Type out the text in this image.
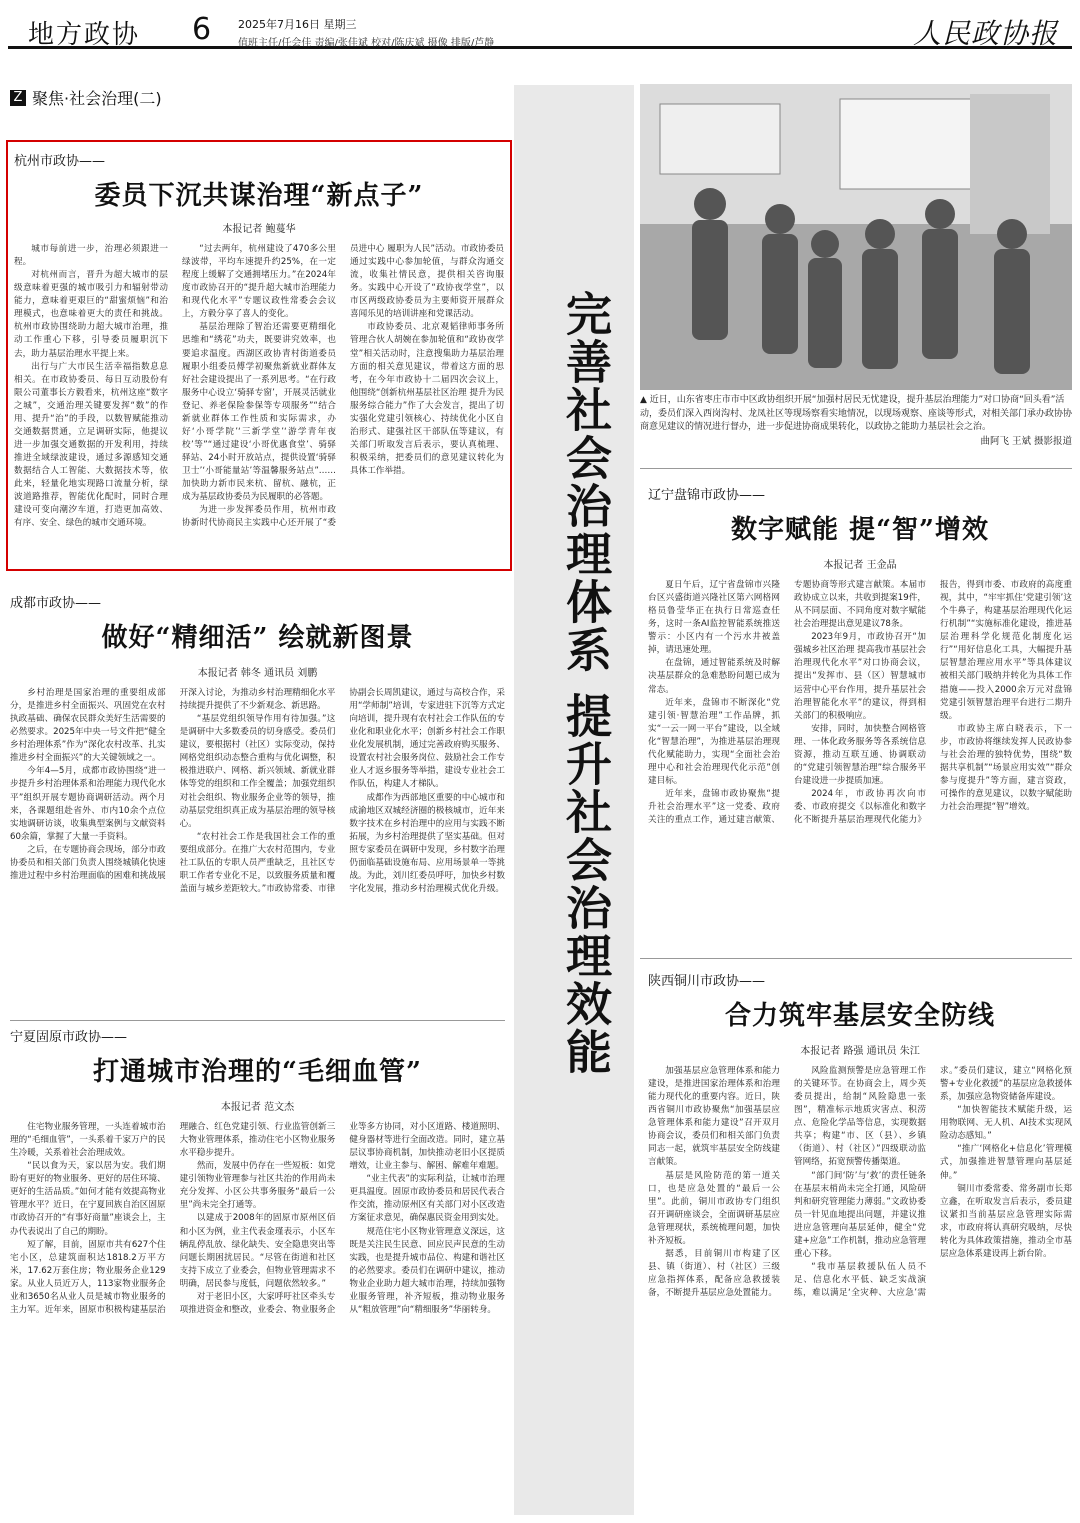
地方政协 6 2025年7月16日 星期三
值班主任/任会佳 责编/张佳斌 校对/陈庆斌 摄像 排版/芦静	人民政协报
Z 聚焦·社会治理(二)
杭州市政协 ——
委员下沉共谋治理“新点子”
本报记者 鲍蔓华

城市每前进一步，治理必须跟进一程。

对杭州而言，晋升为超大城市的层级意味着更强的城市吸引力和辐射带动能力，意味着更艰巨的“甜蜜烦恼”和治理模式，也意味着更大的责任和挑战。杭州市政协围绕助力超大城市治理，推动工作重心下移，引导委员履职沉下去，助力基层治理水平提上来。

出行与广大市民生活幸福指数息息相关。在市政协委员、每日互动股份有限公司董事长方毅看来，杭州这座“数字之城”，交通治理关键要发挥“数”的作用、提升“治”的手段，以数智赋能推动交通数据贯通，立足调研实际，他提议进一步加强交通数据的开发利用，持续推进全域绿波建设，通过多源感知交通数据结合人工智能、大数据技术等，依此来，轻量化地实现路口流量分析，绿波道路推荐，智能优化配时，同时合理建设可变向潮汐车道，打造更加高效、有序、安全、绿色的城市交通环境。

“过去两年，杭州建设了470多公里绿波带，平均车速提升约25%，在一定程度上缓解了交通拥堵压力。”在2024年度市政协召开的“提升超大城市治理能力和现代化水平”专题议政性常委会会议上，方毅分享了喜人的变化。

基层治理除了智治还需要更精细化思维和“绣花”功夫，既要讲究效率，也要追求温度。西湖区政协青村街道委员履职小组委员傅学初聚焦新就业群体友好社会建设提出了一系列思考。“在行政服务中心设立‘骑驿专窗’，开展灵活就业登记、养老保险参保等专项服务”“结合新就业群体工作性质和实际需求，办好‘小哥学院’‘三新学堂’‘游学青年夜校’等”“通过建设‘小哥优惠食堂’、骑驿驿站、24小时开放站点，提供设置‘骑驿卫士’‘小哥能量站’等温馨服务站点”……加快助力新市民来杭、留杭、融杭，正成为基层政协委员为民履职的必答题。

为进一步发挥委员作用，杭州市政协新时代协商民主实践中心还开展了“委员进中心 履职为人民”活动。市政协委员通过实践中心参加轮值，与群众沟通交流，收集社情民意，提供相关咨询服务。实践中心开设了“政协夜学堂”，以市区两级政协委员为主要师资开展群众喜闻乐见的培训讲座和党课活动。

市政协委员、北京观韬律师事务所管理合伙人胡婉在参加轮值和“政协夜学堂”相关活动时，注意搜集助力基层治理方面的相关意见建议，带着这方面的思考，在今年市政协十二届四次会议上，他围绕“创新杭州基层社区治理 提升为民服务综合能力”作了大会发言，提出了切实强化党建引领核心、持续优化小区自治形式、建强社区干部队伍等建议，有关部门听取发言后表示，要认真梳理、积极采纳，把委员们的意见建议转化为具体工作举措。

成都市政协 ——
做好“精细活” 绘就新图景
本报记者 韩冬 通讯员 刘鹏

乡村治理是国家治理的重要组成部分，是推进乡村全面振兴、巩固党在农村执政基础、确保农民群众美好生活需要的必然要求。2025年中央一号文件把“健全乡村治理体系”作为“深化农村改革、扎实推进乡村全面振兴”的大关键领域之一。

今年4—5月，成都市政协围绕“进一步提升乡村治理体系和治理能力现代化水平”组织开展专题协商调研活动。两个月来，各课题组赴省外、市内10余个点位实地调研访谈，收集典型案例与文献资料60余篇，掌握了大量一手资料。

之后，在专题协商会现场，部分市政协委员和相关部门负责人围绕城镇化快速推进过程中乡村治理面临的困难和挑战展开深入讨论，为推动乡村治理精细化水平持续提升提供了不少新观念、新思路。

“基层党组织领导作用有待加强。”这是调研中大多数委员的切身感受。委员们建议，要根据村（社区）实际变动，保持网格党组织动态整合重构与优化调整，积极推进联户、网格、新兴领域、新就业群体等党的组织和工作全覆盖；加强党组织对社会组织、物业服务企业等的领导，推动基层党组织真正成为基层治理的领导核心。

“农村社会工作是我国社会工作的重要组成部分。在推广大农村范围内，专业社工队伍的专职人员严重缺乏，且社区专职工作者专业化不足，以致服务质量和覆盖面与城乡差距较大。”市政协常委、市律协副会长周凯建议，通过与高校合作，采用“学师制”培训，专家进驻下沉等方式定向培训，提升现有农村社会工作队伍的专业化和职业化水平；创新乡村社会工作职业化发展机制，通过完善政府购买服务、设置农村社会服务岗位、鼓励社会工作专业人才返乡服务等举措，建设专业社会工作队伍，构建人才梯队。

成都作为西部地区重要的中心城市和成渝地区双城经济圈的极核城市，近年来数字技术在乡村治理中的应用与实践不断拓展，为乡村治理提供了坚实基础。但对照专家委员在调研中发现，乡村数字治理仍面临基础设施布局、应用场景单一等挑战。为此，刘川红委员呼吁，加快乡村数字化发展，推动乡村治理模式优化升级。

宁夏固原市政协 ——
打通城市治理的“毛细血管”
本报记者 范文杰

住宅物业服务管理，一头连着城市治理的“毛细血管”，一头系着千家万户的民生冷暖，关系着社会治理成效。

“民以食为天，家以居为安。我们期盼有更好的物业服务、更好的居住环境、更好的生活品质。”如何才能有效提高物业管理水平？近日，在宁夏回族自治区固原市政协召开的“有事好商量”座谈会上，主办代表说出了自己的期盼。

短了解，目前，固原市共有627个住宅小区，总建筑面积达1818.2万平方米，17.62万套住房；物业服务企业129家。从业人员近万人，113家物业服务企业和3650名从业人员是城市物业服务的主力军。近年来，固原市积极构建基层治理融合、红色党建引领、行业监管创新三大物业管理体系，推动住宅小区物业服务水平稳步提升。

然而，发展中仍存在一些短板：如党建引领物业管理参与社区共治的作用尚未充分发挥、小区公共事务服务“最后一公里”尚未完全打通等。

以建成于2008年的固原市原州区佰和小区为例，业主代表金瑾表示，小区车辆乱停乱放、绿化缺失、安全隐患突出等问题长期困扰居民。“尽管在街道和社区支持下成立了业委会，但物业管理需求不明确，居民参与度低，问题依然较多。”

对于老旧小区，大家呼吁社区牵头专项推进资金和整改，业委会、物业服务企业等多方协同，对小区道路、楼道照明、健身器材等进行全面改造。同时，建立基层议事协商机制，加快推动老旧小区提质增效，让业主参与、解困、解难年难题。

“业主代表”的实际利益，让城市治理更具温度。固原市政协委员和居民代表合作交流，推动原州区有关部门对小区改造方案征求意见，确保惠民资金用到实处。

规范住宅小区物业管理意义深远，这既是关注民生民意、回应民声民意的生动实践，也是提升城市品位、构建和谐社区的必然要求。委员们在调研中建议，推动物业企业助力超大城市治理，持续加强物业服务管理，补齐短板，推动物业服务从“粗放管理”向“精细服务”华丽转身。

完善社会治理体系 提升社会治理效能	▲ 近日，山东省枣庄市市中区政协组织开展“加强村居民无忧建设，提升基层治理能力”对口协商“回头看”活动，委员们深入西岗沟村、龙凤社区等现场察看实地情况，以现场观察、座谈等形式，对相关部门承办政协协商意见建议的情况进行督办，进一步促进协商成果转化，以政协之能助力基层社会之治。
曲阿飞 王斌 摄影报道
辽宁盘锦市政协 ——
数字赋能 提“智”增效
本报记者 王金晶

夏日午后，辽宁省盘锦市兴隆台区兴盛街道兴隆社区第六网格网格员鲁莹华正在执行日常巡查任务，这时一条AI监控智能系统推送警示：小区内有一个污水井被盖掉，请迅速处理。

在盘锦，通过智能系统及时解决基层群众的急难愁盼问题已成为常态。

近年来，盘锦市不断深化“党建引领·智慧治理”工作品牌，抓实“一云一网一平台”建设，以全域化“智慧治理”，为推进基层治理现代化赋能助力，实现“全面社会治理中心和社会治理现代化示范”创建目标。

近年来，盘锦市政协聚焦“提升社会治理水平”这一党委、政府关注的重点工作，通过建言献策、专题协商等形式建言献策。本届市政协成立以来，共收到提案19件，从不同层面、不同角度对数字赋能社会治理提出意见建议78条。

2023年9月，市政协召开“加强城乡社区治理 提高我市基层社会治理现代化水平”对口协商会议，提出“发挥市、县（区）智慧城市运营中心平台作用，提升基层社会治理智能化水平”的建议，得到相关部门的积极响应。

安排，同时，加快整合网格管理、一体化政务服务等各系统信息资源，推动互联互通、协调联动的“党建引领智慧治理”综合服务平台建设进一步提质加速。

2024年，市政协再次向市委、市政府提交《以标准化和数字化不断提升基层治理现代化能力》报告，得到市委、市政府的高度重视，其中，“牢牢抓住‘党建引领’这个牛鼻子，构建基层治理现代化运行机制”“实施标准化建设，推进基层治理科学化规范化制度化运行”“用好信息化工具，大幅提升基层智慧治理应用水平”等具体建议被相关部门吸纳并转化为具体工作措施——投入2000余万元对盘锦党建引领智慧治理平台进行二期升级。

市政协主席白晓表示，下一步，市政协将继续发挥人民政协参与社会治理的独特优势，围绕“数据共享机制”“场景应用实效”“群众参与度提升”等方面，建言资政，可操作的意见建议，以数字赋能助力社会治理提“智”增效。

陕西铜川市政协 ——
合力筑牢基层安全防线
本报记者 路强 通讯员 朱江

加强基层应急管理体系和能力建设，是推进国家治理体系和治理能力现代化的重要内容。近日，陕西省铜川市政协聚焦“加强基层应急管理体系和能力建设”召开双月协商会议，委员们和相关部门负责同志一起，就筑牢基层安全防线建言献策。

基层是风险防范的第一道关口，也是应急处置的“最后一公里”。此前，铜川市政协专门组织召开调研座谈会，全面调研基层应急管理现状，系统梳理问题，加快补齐短板。

据悉，目前铜川市构建了区县、镇（街道）、村（社区）三级应急指挥体系，配备应急救援装备，不断提升基层应急处置能力。

风险监测预警是应急管理工作的关键环节。在协商会上，周少英委员提出，给制“风险隐患一张图”，精准标示地质灾害点、积涝点、危险化学品等信息，实现数据共享；构建“市、区（县）、乡镇（街道）、村（社区）”四级联动监管网络，拓宽预警传播渠道。

“部门间‘防’与‘救’的责任链条在基层末梢尚未完全打通，风险研判和研究管理能力薄弱。”文政协委员一针见血地提出问题，并建议推进应急管理向基层延伸，健全“党建+应急”工作机制，推动应急管理重心下移。

“我市基层救援队伍人员不足、信息化水平低、缺乏实战演练，难以满足‘全灾种、大应急’需求。”委员们建议，建立“网格化预警+专业化救援”的基层应急救援体系，加强应急物资储备库建设。

“加快智能技术赋能升级，运用物联网、无人机、AI技术实现风险动态感知。”

“推广‘网格化+信息化’管理模式，加强推进智慧管理向基层延伸。”

铜川市委常委、常务副市长郑立鑫，在听取发言后表示，委员建议紧扣当前基层应急管理实际需求，市政府将认真研究吸纳，尽快转化为具体政策措施，推动全市基层应急体系建设再上新台阶。
